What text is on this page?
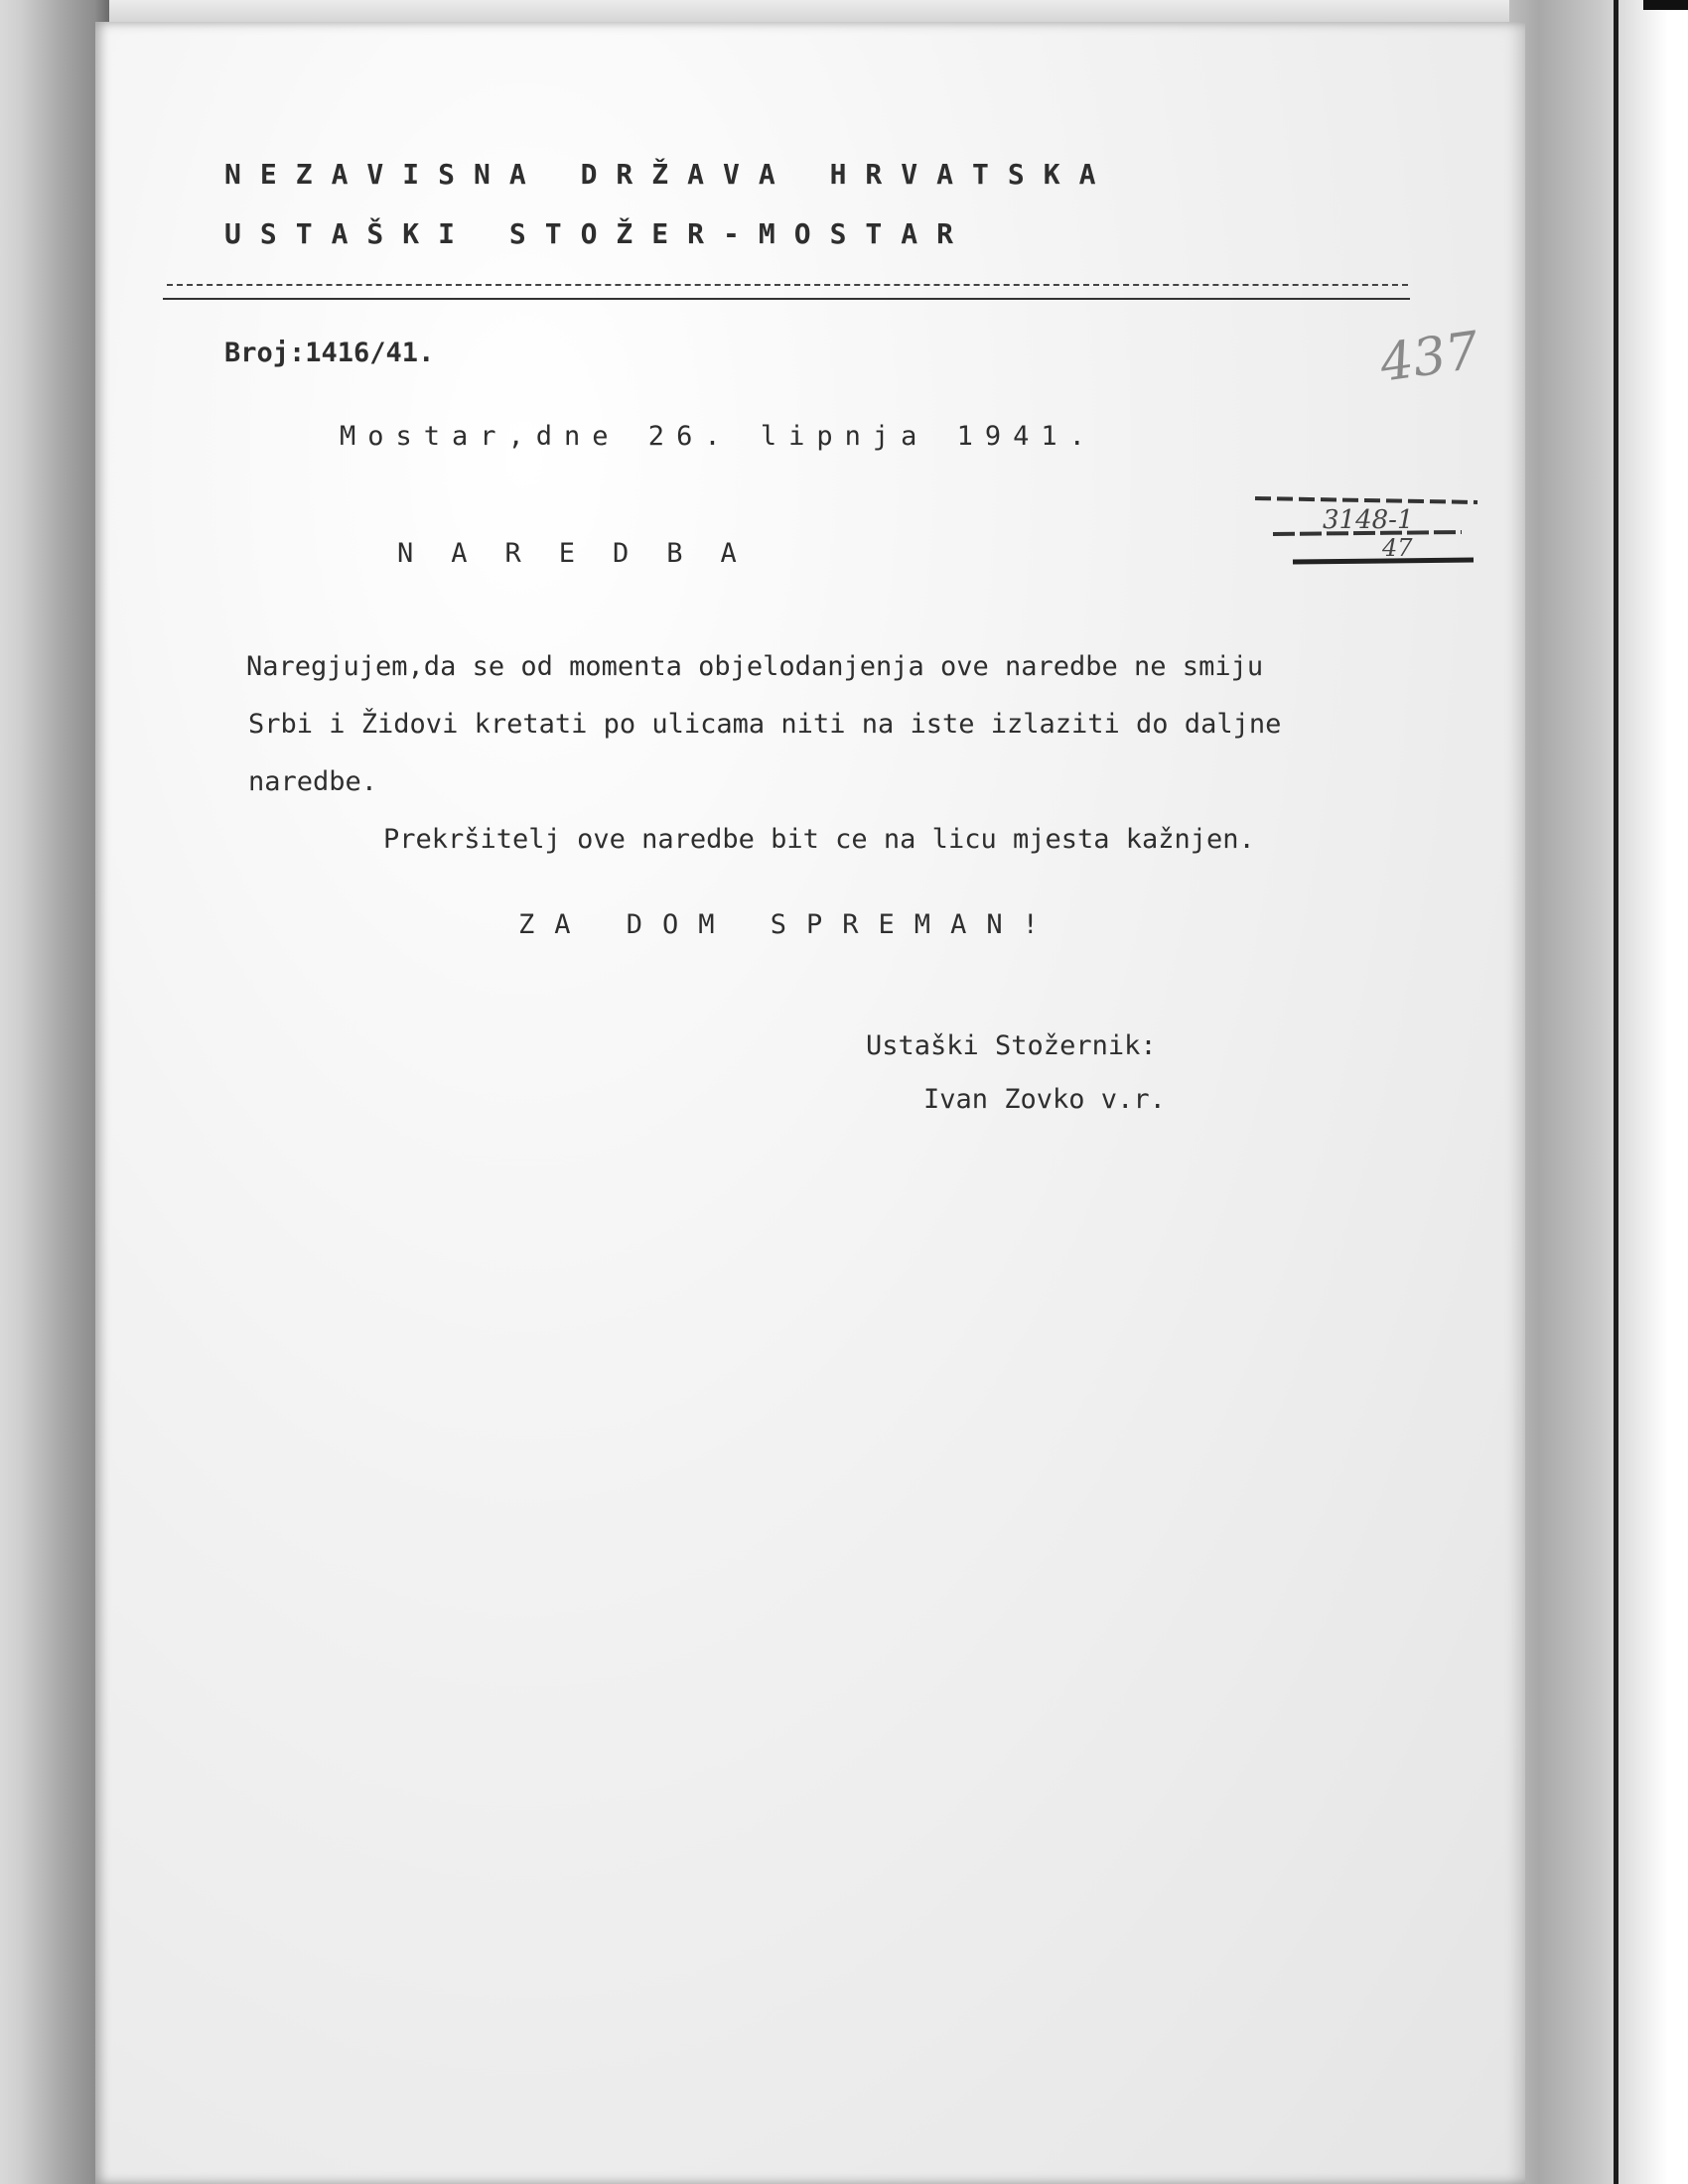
NEZAVISNA DRŽAVA HRVATSKA
USTAŠKI STOŽER-MOSTAR
Broj:1416/41.	437
Mostar,dne 26. lipnja 1941.
3148-1
47
NAREDBA
Naregjujem,da se od momenta objelodanjenja ove naredbe ne smiju
Srbi i Židovi kretati po ulicama niti na iste izlaziti do daljne
naredbe.
Prekršitelj ove naredbe bit ce na licu mjesta kažnjen.
ZA DOM SPREMAN!
Ustaški Stožernik:
Ivan Zovko v.r.
